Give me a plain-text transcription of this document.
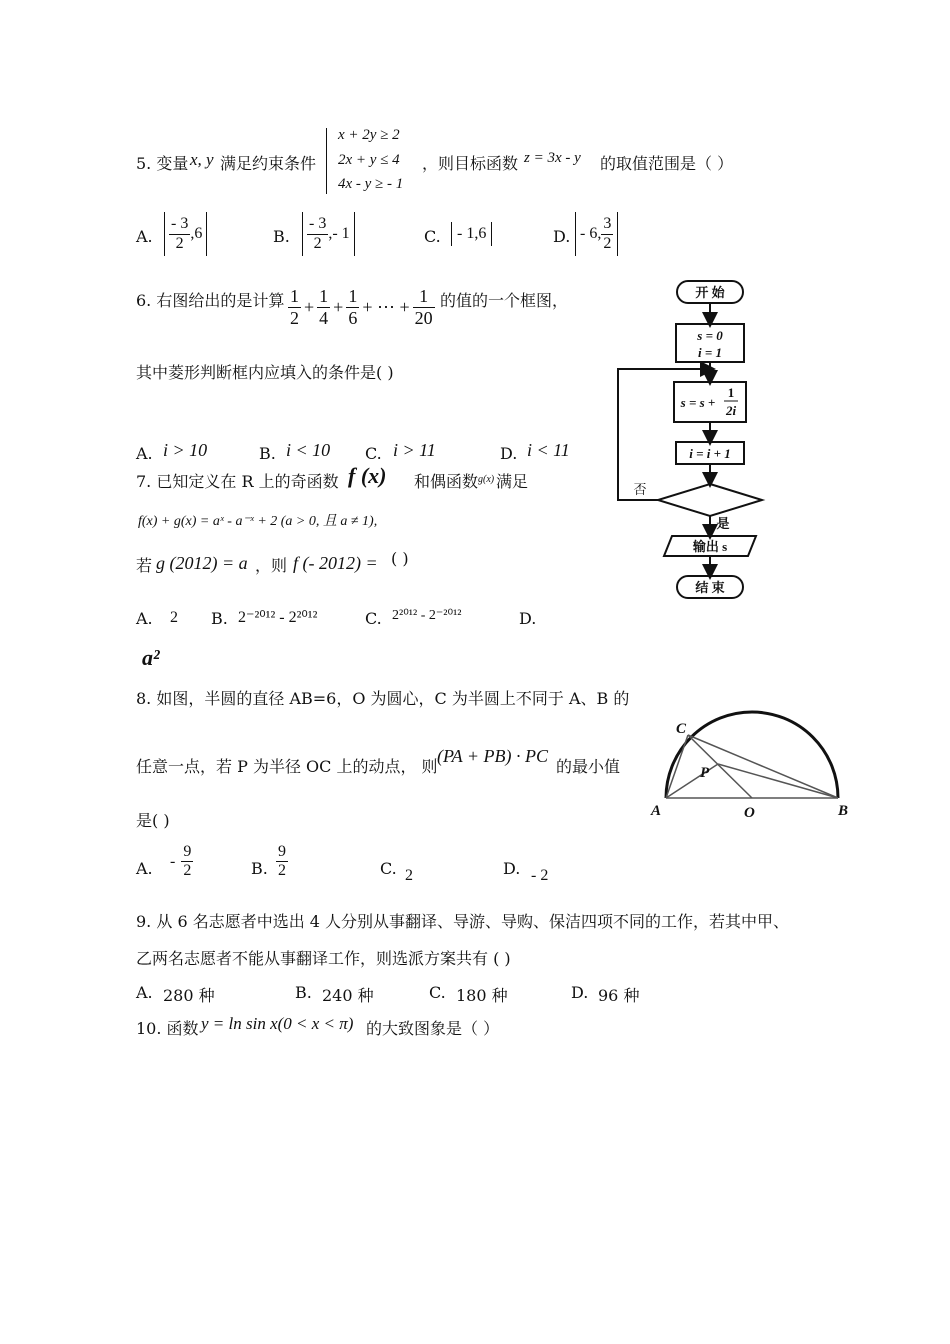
5. 变量 x, y 满足约束条件
x + 2y ≥ 2
2x + y ≤ 4
4x - y ≥ - 1
，则目标函数 z = 3x - y 的取值范围是（ ）
A. $\frac{- 3}{2} ,6$	B. $\frac{- 3}{2}$ ,- 1	C.	- 1,6	D. - 6, $\frac{3}{2}$
6. 右图给出的是计算 $\frac{1}{2} + \frac{1}{4} + \frac{1}{6}$ + ⋯ + $\frac{1}{20}$ 的值的一个框图，
其中菱形判断框内应填入的条件是( )
A. i > 10	B. i < 10 C. i > 11	D. i < 11
开 始
s = 0
i = 1
s = s +
1
2i
i = i + 1
否
是
输出 s
结 束
7. 已知定义在 R 上的奇函数 f (x) 和偶函数 g(x) 满足
f(x) + g(x) = aˣ - a⁻ˣ + 2 (a > 0, 且 a ≠ 1),
若 g (2012) = a ，则 f (- 2012) = ( )
A. 2 B. 2⁻²⁰¹² - 2²⁰¹²	C. 2²⁰¹² - 2⁻²⁰¹²	D.
a²
8. 如图，半圆的直径 AB=6，O 为圆心，C 为半圆上不同于 A、B 的
任意一点，若 P 为半径 OC 上的动点， 则
(PA + PB) · PC
的最小值
是( )
A. - $\frac{9}{2}$	B. $\frac{9}{2}$	C. 2	D. - 2
A	B
C
O
P
9. 从 6 名志愿者中选出 4 人分别从事翻译、导游、导购、保洁四项不同的工作，若其中甲、
乙两名志愿者不能从事翻译工作，则选派方案共有 ( )
A. 280 种	B. 240 种	C. 180 种	D. 96 种
10. 函数 y = ln sin x(0 < x < π) 的大致图象是（ ）
